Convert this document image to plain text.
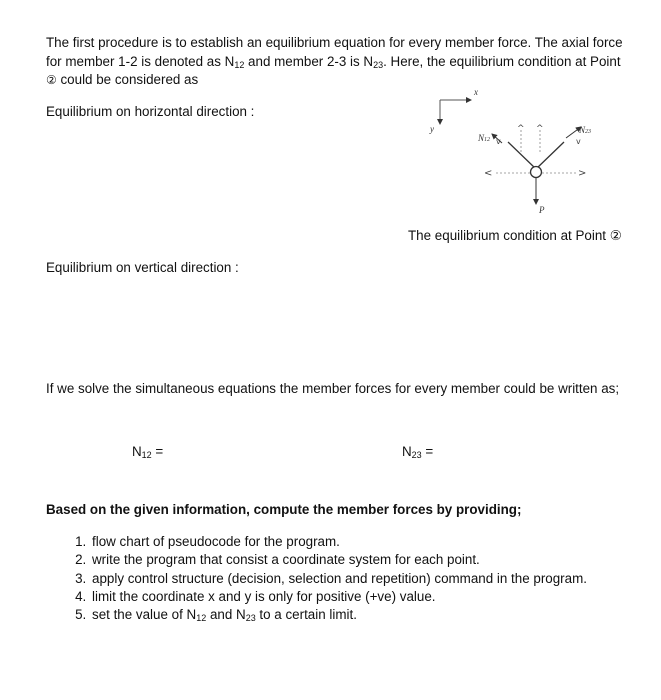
The first procedure is to establish an equilibrium equation for every member force. The axial force

for member 1-2 is denoted as $N_{12}$ and member 2-3 is $N_{23}$. Here, the equilibrium condition at Point

② could be considered as

Equilibrium on horizontal direction :
x
y
N12
N23
^ ^
v	v
<	>
P
The equilibrium condition at Point ②
Equilibrium on vertical direction :
If we solve the simultaneous equations the member forces for every member could be written as;
$N_{12}$ =	$N_{23}$ =
Based on the given information, compute the member forces by providing;
1. flow chart of pseudocode for the program.
2. write the program that consist a coordinate system for each point.
3. apply control structure (decision, selection and repetition) command in the program.
4. limit the coordinate x and y is only for positive (+ve) value.
5. set the value of $N_{12}$ and $N_{23}$ to a certain limit.
